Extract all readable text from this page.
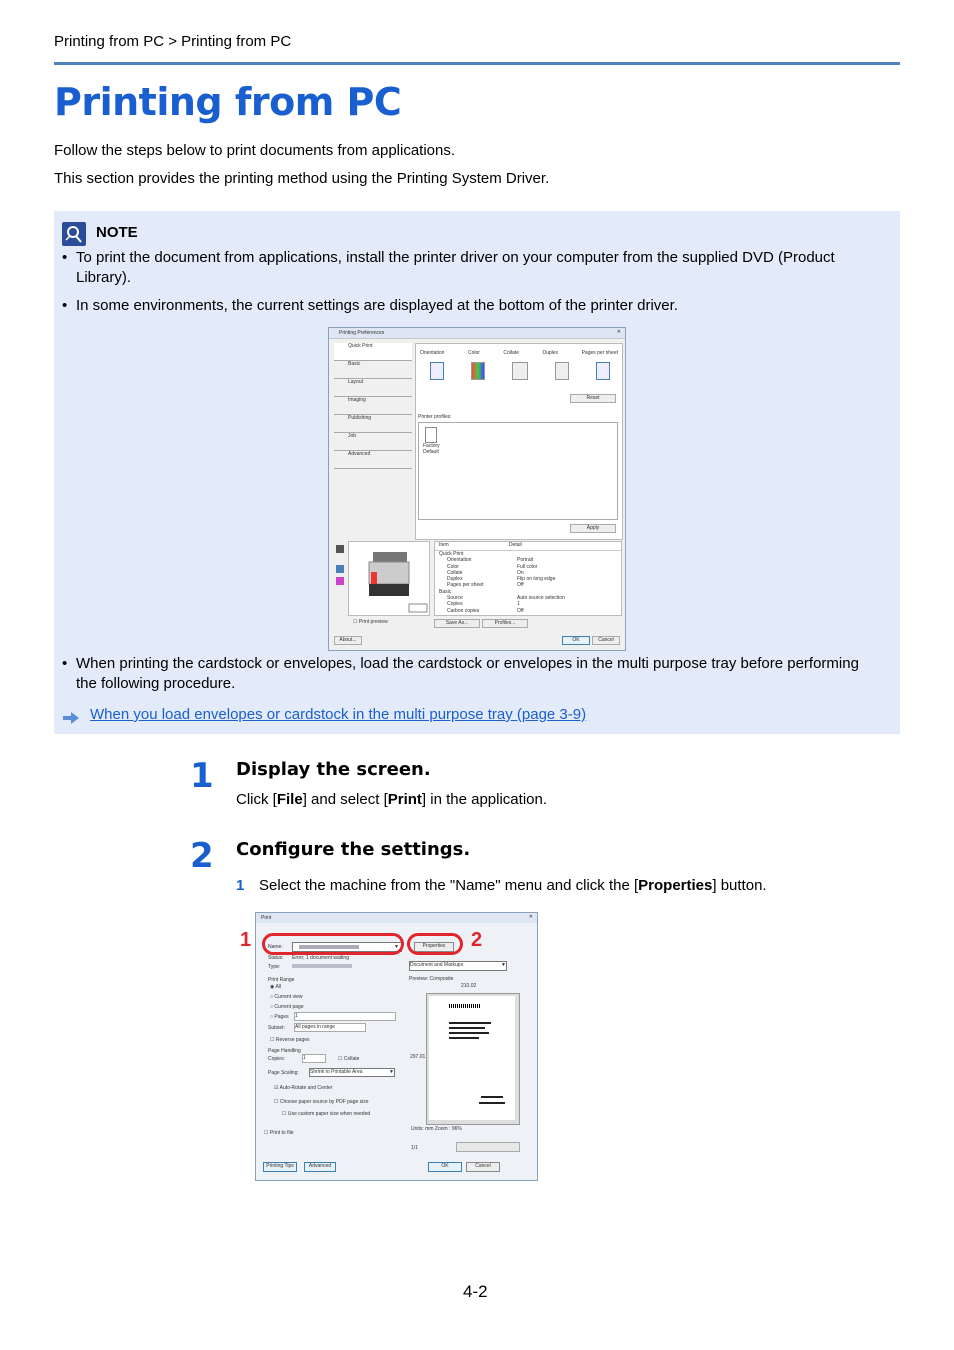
Printing from PC > Printing from PC
Printing from PC
Follow the steps below to print documents from applications.
This section provides the printing method using the Printing System Driver.
NOTE
• To print the document from applications, install the printer driver on your computer from the supplied DVD (Product Library).
• In some environments, the current settings are displayed at the bottom of the printer driver.
Printing Preferences	✕
Quick Print
Basic
Layout
Imaging
Publishing
Job
Advanced
Orientation	Color	Collate	Duplex	Pages per sheet
Reset
Printer profiles:
Factory Default
Apply
Item	Detail
Quick Print
Orientation	Portrait
Color	Full color
Collate	On
Duplex	Flip on long edge
Pages per sheet	Off
Basic
Source	Auto source selection
Copies	1
Carbon copies	Off
☐ Print preview	Save As...	Profiles...
About...	OK	Cancel
• When printing the cardstock or envelopes, load the cardstock or envelopes in the multi purpose tray before performing the following procedure.
When you load envelopes or cardstock in the multi purpose tray (page 3-9)
1 Display the screen.
Click [File] and select [Print] in the application.
2 Configure the settings.
1 Select the machine from the "Name" menu and click the [Properties] button.
Print	✕
Name:	▼	Properties
Status: Error; 1 document waiting
Type:	Document and Markups	▼
Print Range
◉ All
○ Current view
○ Current page
○ Pages 1
Subset: All pages in range
☐ Reverse pages
Page Handling
Copies:	1	☐ Collate
Page Scaling: Shrink to Printable Area	▼
☑ Auto-Rotate and Center
☐ Choose paper source by PDF page size
☐ Use custom paper size when needed
☐ Print to file
Preview: Composite
210.02
297.01
Units: mm Zoom : 96%
1/1
Printing Tips	Advanced	OK	Cancel
1	2
4-2
